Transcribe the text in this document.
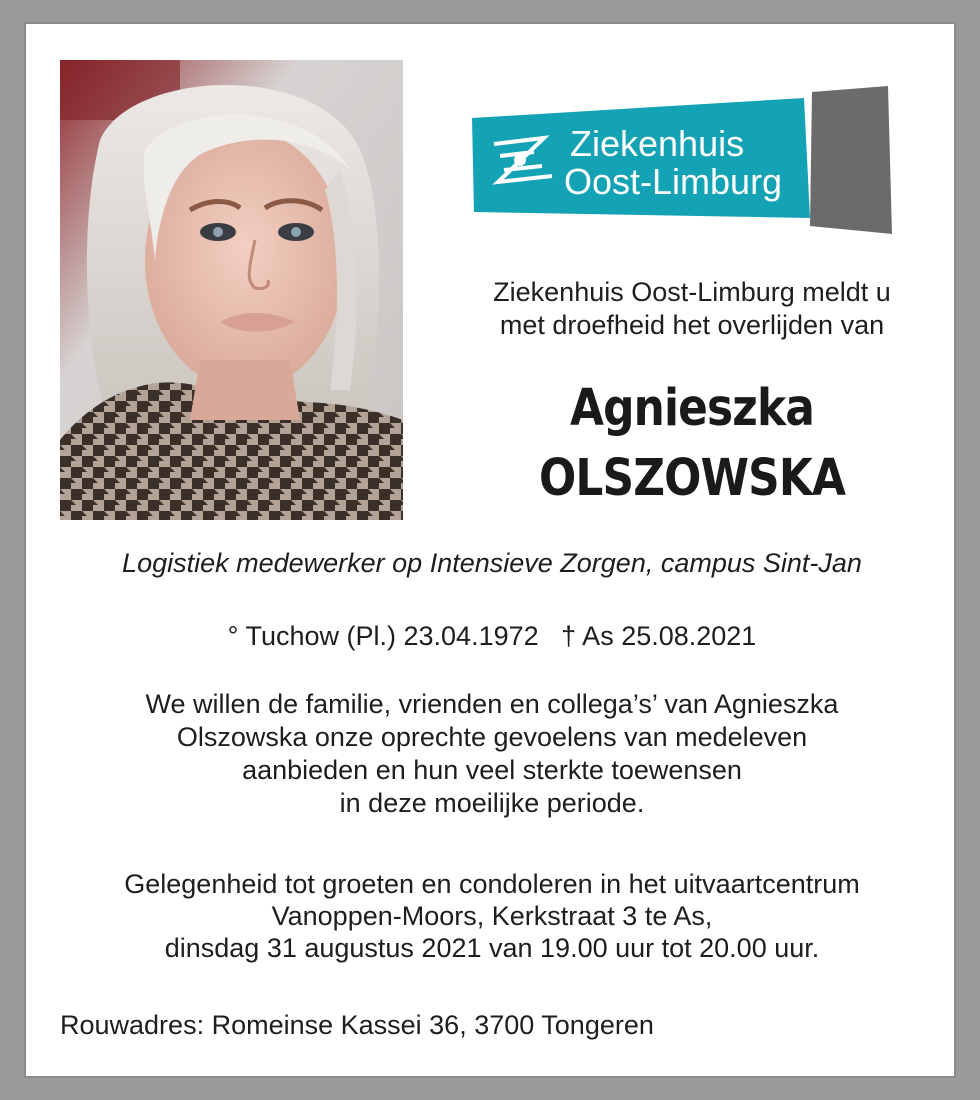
Ziekenhuis
Oost-Limburg
Ziekenhuis Oost-Limburg meldt u
met droefheid het overlijden van
Agnieszka
OLSZOWSKA
Logistiek medewerker op Intensieve Zorgen, campus Sint-Jan
° Tuchow (Pl.) 23.04.1972 † As 25.08.2021
We willen de familie, vrienden en collega’s’ van Agnieszka
Olszowska onze oprechte gevoelens van medeleven
aanbieden en hun veel sterkte toewensen
in deze moeilijke periode.
Gelegenheid tot groeten en condoleren in het uitvaartcentrum
Vanoppen-Moors, Kerkstraat 3 te As,
dinsdag 31 augustus 2021 van 19.00 uur tot 20.00 uur.
Rouwadres: Romeinse Kassei 36, 3700 Tongeren
